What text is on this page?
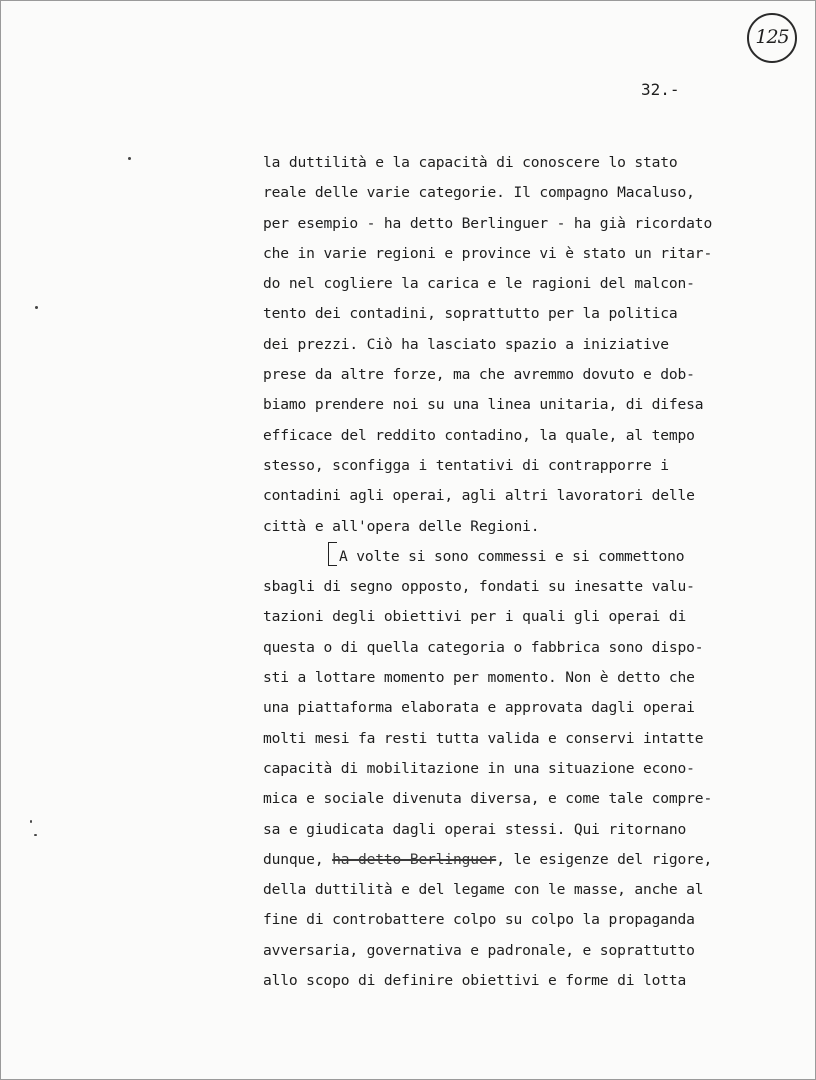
125
32.-
la duttilità e la capacità di conoscere lo stato
reale delle varie categorie. Il compagno Macaluso,
per esempio - ha detto Berlinguer - ha già ricordato
che in varie regioni e province vi è stato un ritar-
do nel cogliere la carica e le ragioni del malcon-
tento dei contadini, soprattutto per la politica
dei prezzi. Ciò ha lasciato spazio a iniziative
prese da altre forze, ma che avremmo dovuto e dob-
biamo prendere noi su una linea unitaria, di difesa
efficace del reddito contadino, la quale, al tempo
stesso, sconfigga i tentativi di contrapporre i
contadini agli operai, agli altri lavoratori delle
città e all'opera delle Regioni.
A volte si sono commessi e si commettono
sbagli di segno opposto, fondati su inesatte valu-
tazioni degli obiettivi per i quali gli operai di
questa o di quella categoria o fabbrica sono dispo-
sti a lottare momento per momento. Non è detto che
una piattaforma elaborata e approvata dagli operai
molti mesi fa resti tutta valida e conservi intatte
capacità di mobilitazione in una situazione econo-
mica e sociale divenuta diversa, e come tale compre-
sa e giudicata dagli operai stessi. Qui ritornano
dunque, ha detto Berlinguer, le esigenze del rigore,
della duttilità e del legame con le masse, anche al
fine di controbattere colpo su colpo la propaganda
avversaria, governativa e padronale, e soprattutto
allo scopo di definire obiettivi e forme di lotta
